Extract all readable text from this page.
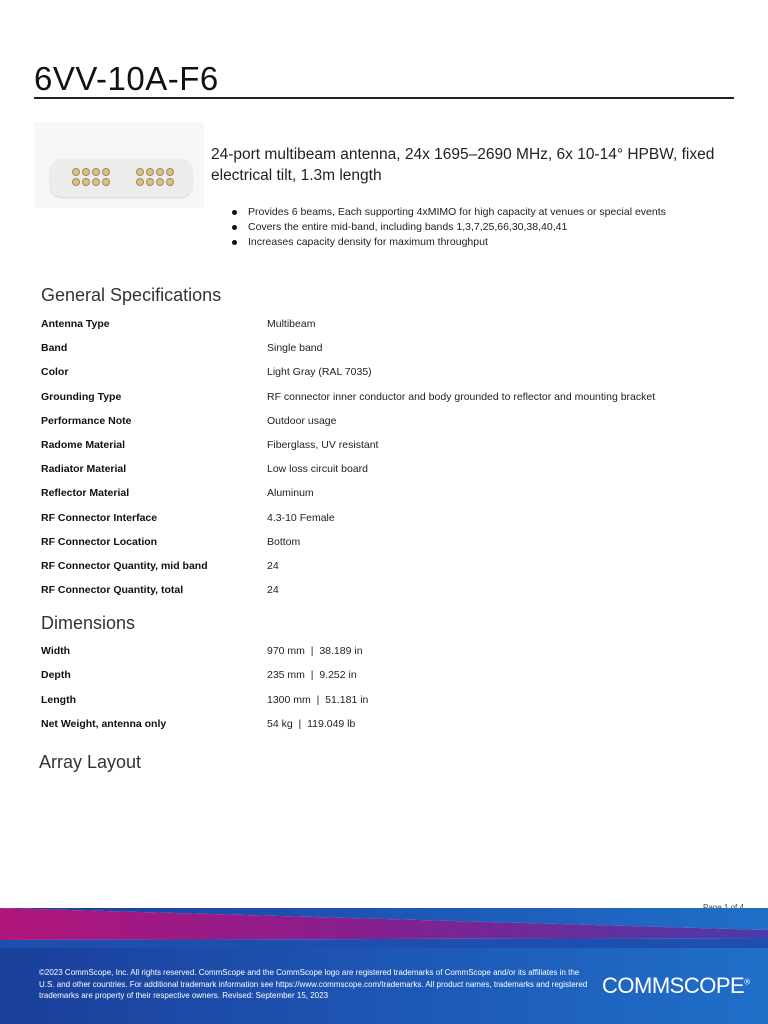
6VV-10A-F6
24-port multibeam antenna, 24x 1695–2690 MHz, 6x 10-14° HPBW, fixed electrical tilt, 1.3m length
Provides 6 beams, Each supporting 4xMIMO for high capacity at venues or special events
Covers the entire mid-band, including bands 1,3,7,25,66,30,38,40,41
Increases capacity density for maximum throughput
General Specifications
Antenna Type	Multibeam
Band	Single band
Color	Light Gray (RAL 7035)
Grounding Type	RF connector inner conductor and body grounded to reflector and mounting bracket
Performance Note	Outdoor usage
Radome Material	Fiberglass, UV resistant
Radiator Material	Low loss circuit board
Reflector Material	Aluminum
RF Connector Interface	4.3-10 Female
RF Connector Location	Bottom
RF Connector Quantity, mid band	24
RF Connector Quantity, total	24
Dimensions
Width	970 mm  |  38.189 in
Depth	235 mm  |  9.252 in
Length	1300 mm  |  51.181 in
Net Weight, antenna only	54 kg  |  119.049 lb
Array Layout
©2023 CommScope, Inc. All rights reserved. CommScope and the CommScope logo are registered trademarks of CommScope and/or its affiliates in the U.S. and other countries. For additional trademark information see https://www.commscope.com/trademarks. All product names, trademarks and registered trademarks are property of their respective owners. Revised: September 15, 2023	COMMSCOPE®
